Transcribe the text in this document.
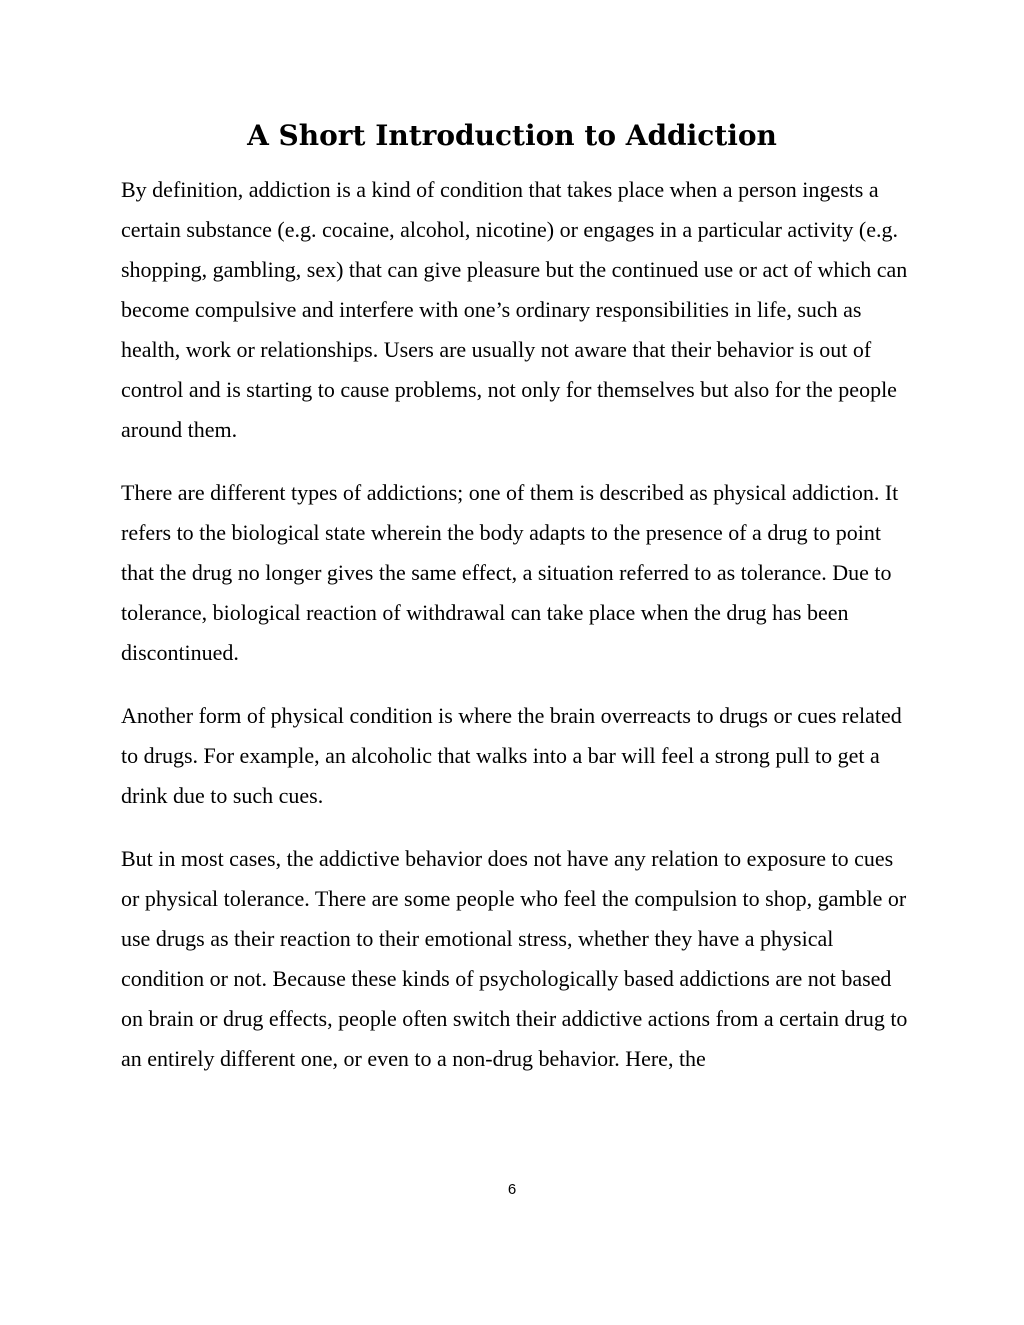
A Short Introduction to Addiction

By definition, addiction is a kind of condition that takes place when a person ingests a certain substance (e.g. cocaine, alcohol, nicotine) or engages in a particular activity (e.g. shopping, gambling, sex) that can give pleasure but the continued use or act of which can become compulsive and interfere with one’s ordinary responsibilities in life, such as health, work or relationships. Users are usually not aware that their behavior is out of control and is starting to cause problems, not only for themselves but also for the people around them.

There are different types of addictions; one of them is described as physical addiction. It refers to the biological state wherein the body adapts to the presence of a drug to point that the drug no longer gives the same effect, a situation referred to as tolerance. Due to tolerance, biological reaction of withdrawal can take place when the drug has been discontinued.

Another form of physical condition is where the brain overreacts to drugs or cues related to drugs. For example, an alcoholic that walks into a bar will feel a strong pull to get a drink due to such cues.

But in most cases, the addictive behavior does not have any relation to exposure to cues or physical tolerance. There are some people who feel the compulsion to shop, gamble or use drugs as their reaction to their emotional stress, whether they have a physical condition or not. Because these kinds of psychologically based addictions are not based on brain or drug effects, people often switch their addictive actions from a certain drug to an entirely different one, or even to a non-drug behavior. Here, the

6
